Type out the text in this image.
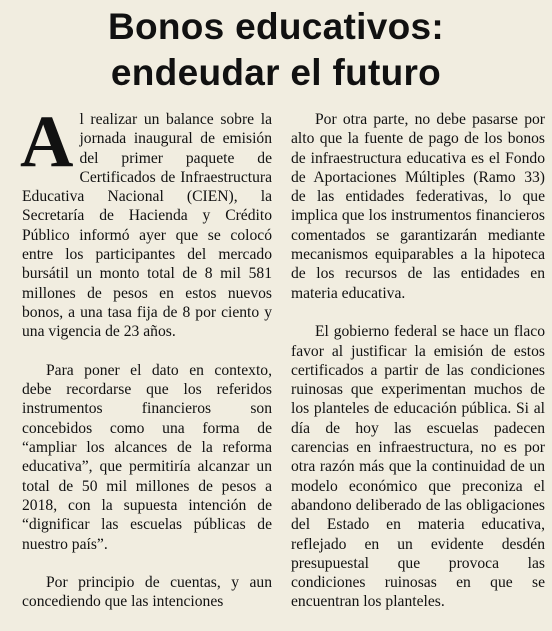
Bonos educativos:
endeudar el futuro

Al realizar un balance sobre la jornada inaugural de emisión del primer paquete de Certificados de Infraestructura Educativa Nacional (CIEN), la Secretaría de Hacienda y Crédito Público informó ayer que se colocó entre los participantes del mercado bursátil un monto total de 8 mil 581 millones de pesos en estos nuevos bonos, a una tasa fija de 8 por ciento y una vigencia de 23 años.

Para poner el dato en contexto, debe recordarse que los referidos instrumentos financieros son concebidos como una forma de “ampliar los alcances de la reforma educativa”, que permitiría alcanzar un total de 50 mil millones de pesos a 2018, con la supuesta intención de “dignificar las escuelas públicas de nuestro país”.

Por principio de cuentas, y aun concediendo que las intenciones

Por otra parte, no debe pasarse por alto que la fuente de pago de los bonos de infraestructura educativa es el Fondo de Aportaciones Múltiples (Ramo 33) de las entidades federativas, lo que implica que los instrumentos financieros comentados se garantizarán mediante mecanismos equiparables a la hipoteca de los recursos de las entidades en materia educativa.

El gobierno federal se hace un flaco favor al justificar la emisión de estos certificados a partir de las condiciones ruinosas que experimentan muchos de los planteles de educación pública. Si al día de hoy las escuelas padecen carencias en infraestructura, no es por otra razón más que la continuidad de un modelo económico que preconiza el abandono deliberado de las obligaciones del Estado en materia educativa, reflejado en un evidente desdén presupuestal que provoca las condiciones ruinosas en que se encuentran los planteles.
